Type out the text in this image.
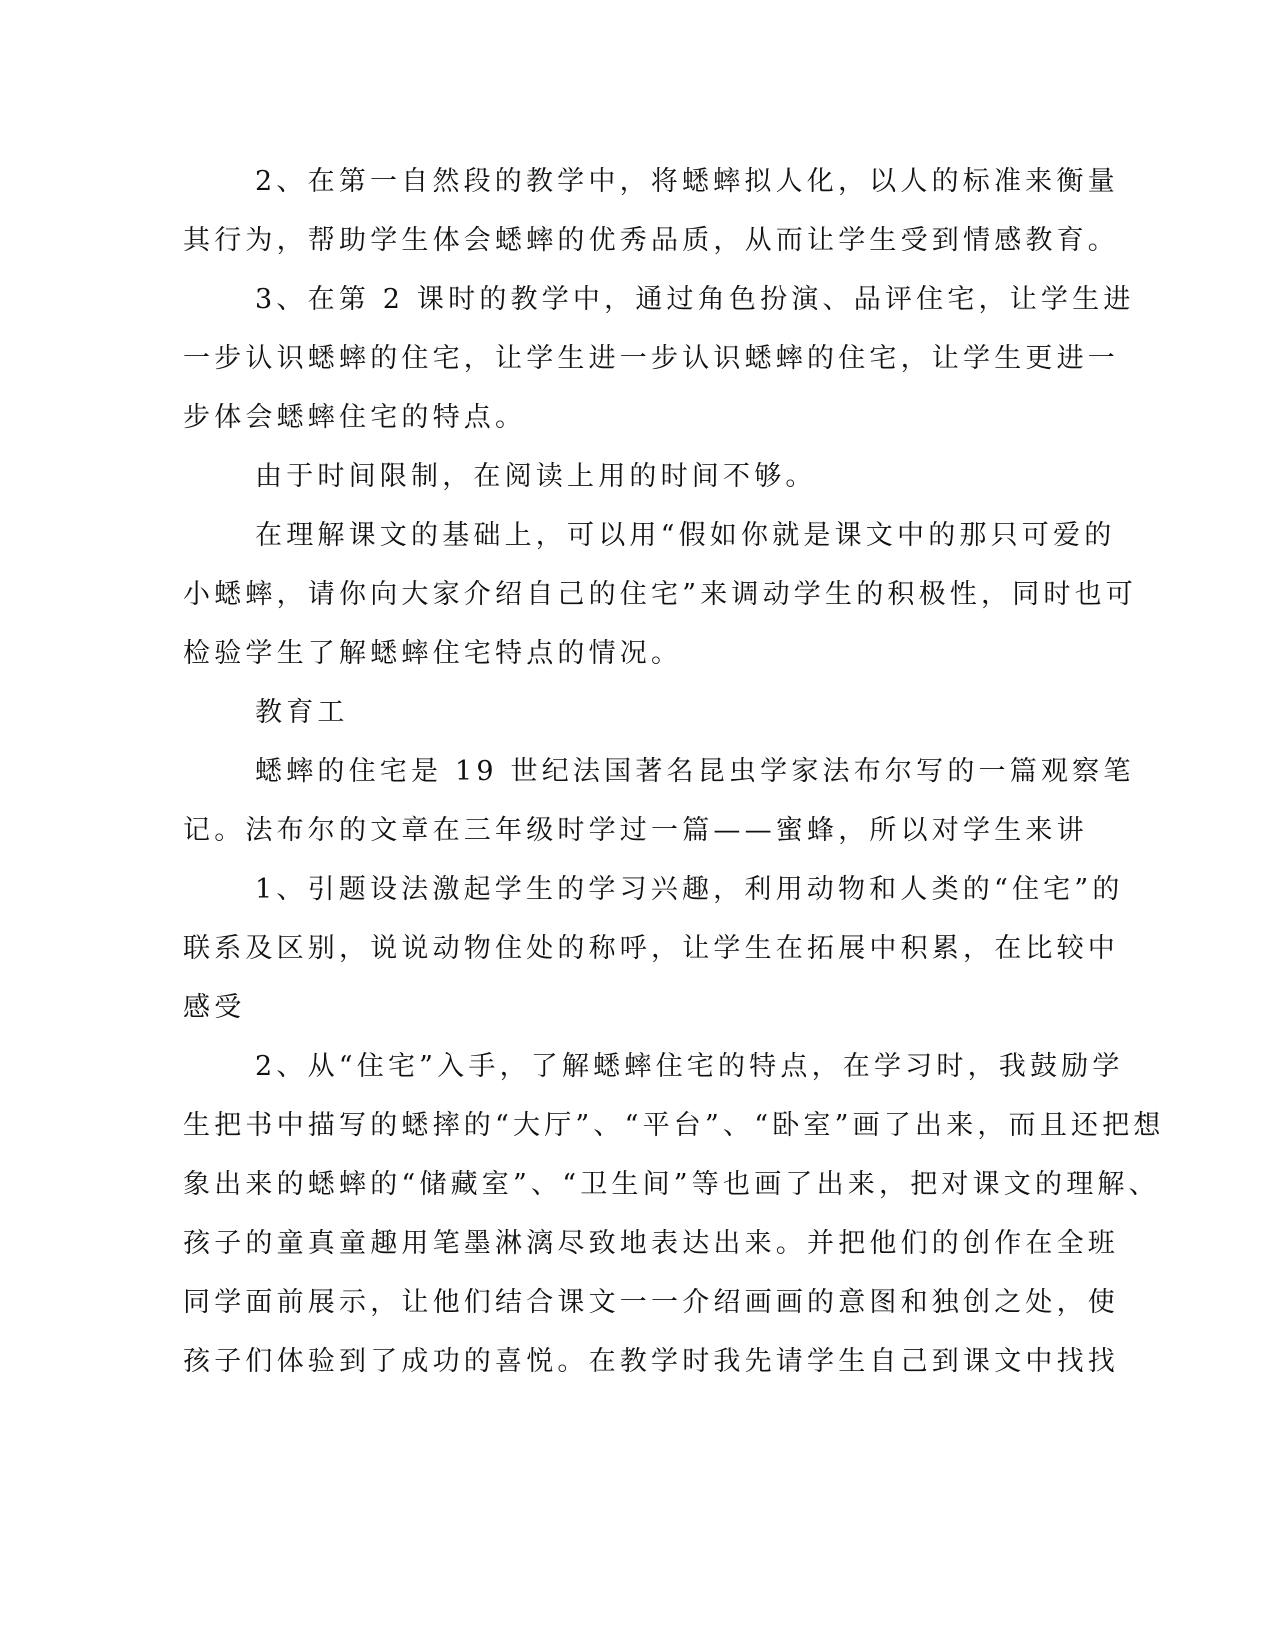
2、在第一自然段的教学中，将蟋蟀拟人化，以人的标准来衡量
其行为，帮助学生体会蟋蟀的优秀品质，从而让学生受到情感教育。
3、在第 2 课时的教学中，通过角色扮演、品评住宅，让学生进
一步认识蟋蟀的住宅，让学生进一步认识蟋蟀的住宅，让学生更进一
步体会蟋蟀住宅的特点。
由于时间限制，在阅读上用的时间不够。
在理解课文的基础上，可以用“假如你就是课文中的那只可爱的
小蟋蟀，请你向大家介绍自己的住宅”来调动学生的积极性，同时也可
检验学生了解蟋蟀住宅特点的情况。
教育工
蟋蟀的住宅是 19 世纪法国著名昆虫学家法布尔写的一篇观察笔
记。法布尔的文章在三年级时学过一篇——蜜蜂，所以对学生来讲
1、引题设法激起学生的学习兴趣，利用动物和人类的“住宅”的
联系及区别，说说动物住处的称呼，让学生在拓展中积累，在比较中
感受
2、从“住宅”入手，了解蟋蟀住宅的特点，在学习时，我鼓励学
生把书中描写的蟋摔的“大厅”、“平台”、“卧室”画了出来，而且还把想
象出来的蟋蟀的“储藏室”、“卫生间”等也画了出来，把对课文的理解、
孩子的童真童趣用笔墨淋漓尽致地表达出来。并把他们的创作在全班
同学面前展示，让他们结合课文一一介绍画画的意图和独创之处，使
孩子们体验到了成功的喜悦。在教学时我先请学生自己到课文中找找
